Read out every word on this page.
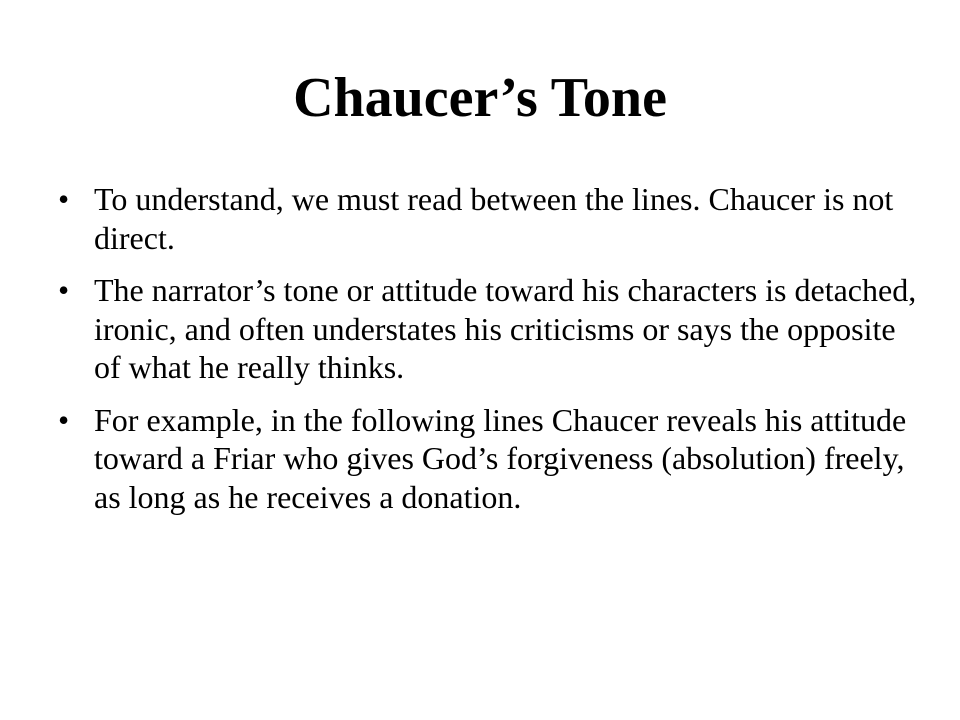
Chaucer’s Tone
• To understand, we must read between the lines. Chaucer is not direct.
• The narrator’s tone or attitude toward his characters is detached, ironic, and often understates his criticisms or says the opposite of what he really thinks.
• For example, in the following lines Chaucer reveals his attitude toward a Friar who gives God’s forgiveness (absolution) freely, as long as he receives a donation.
